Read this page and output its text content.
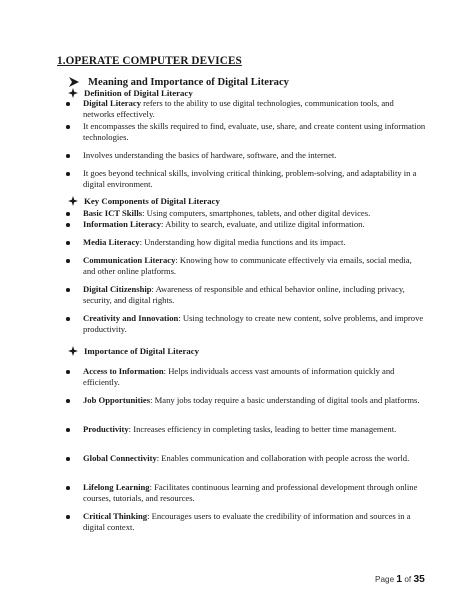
1.OPERATE COMPUTER DEVICES
Meaning and Importance of Digital Literacy
Definition of Digital Literacy
Digital Literacy refers to the ability to use digital technologies, communication tools, and networks effectively.
It encompasses the skills required to find, evaluate, use, share, and create content using information technologies.
Involves understanding the basics of hardware, software, and the internet.
It goes beyond technical skills, involving critical thinking, problem-solving, and adaptability in a digital environment.
Key Components of Digital Literacy
Basic ICT Skills: Using computers, smartphones, tablets, and other digital devices.
Information Literacy: Ability to search, evaluate, and utilize digital information.
Media Literacy: Understanding how digital media functions and its impact.
Communication Literacy: Knowing how to communicate effectively via emails, social media, and other online platforms.
Digital Citizenship: Awareness of responsible and ethical behavior online, including privacy, security, and digital rights.
Creativity and Innovation: Using technology to create new content, solve problems, and improve productivity.
Importance of Digital Literacy
Access to Information: Helps individuals access vast amounts of information quickly and efficiently.
Job Opportunities: Many jobs today require a basic understanding of digital tools and platforms.
Productivity: Increases efficiency in completing tasks, leading to better time management.
Global Connectivity: Enables communication and collaboration with people across the world.
Lifelong Learning: Facilitates continuous learning and professional development through online courses, tutorials, and resources.
Critical Thinking: Encourages users to evaluate the credibility of information and sources in a digital context.
Page 1 of 35
